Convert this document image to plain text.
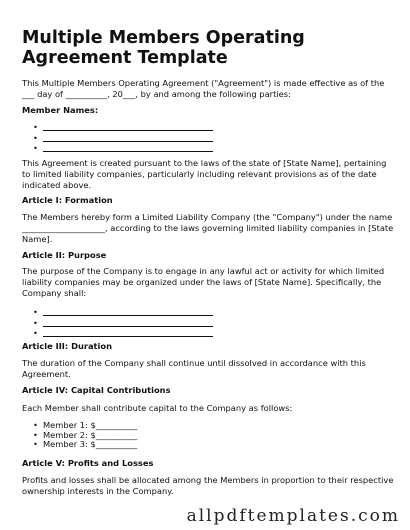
Multiple Members Operating Agreement Template

This Multiple Members Operating Agreement ("Agreement") is made effective as of the ___ day of __________, 20___, by and among the following parties:

Member Names:

•
•
•

This Agreement is created pursuant to the laws of the state of [State Name], pertaining to limited liability companies, particularly including relevant provisions as of the date indicated above.

Article I: Formation

The Members hereby form a Limited Liability Company (the "Company") under the name ____________________, according to the laws governing limited liability companies in [State Name].

Article II: Purpose

The purpose of the Company is to engage in any lawful act or activity for which limited liability companies may be organized under the laws of [State Name]. Specifically, the Company shall:

•
•
•

Article III: Duration

The duration of the Company shall continue until dissolved in accordance with this Agreement.

Article IV: Capital Contributions

Each Member shall contribute capital to the Company as follows:

• Member 1: $__________
• Member 2: $__________
• Member 3: $__________

Article V: Profits and Losses

Profits and losses shall be allocated among the Members in proportion to their respective ownership interests in the Company.

allpdftemplates.com
